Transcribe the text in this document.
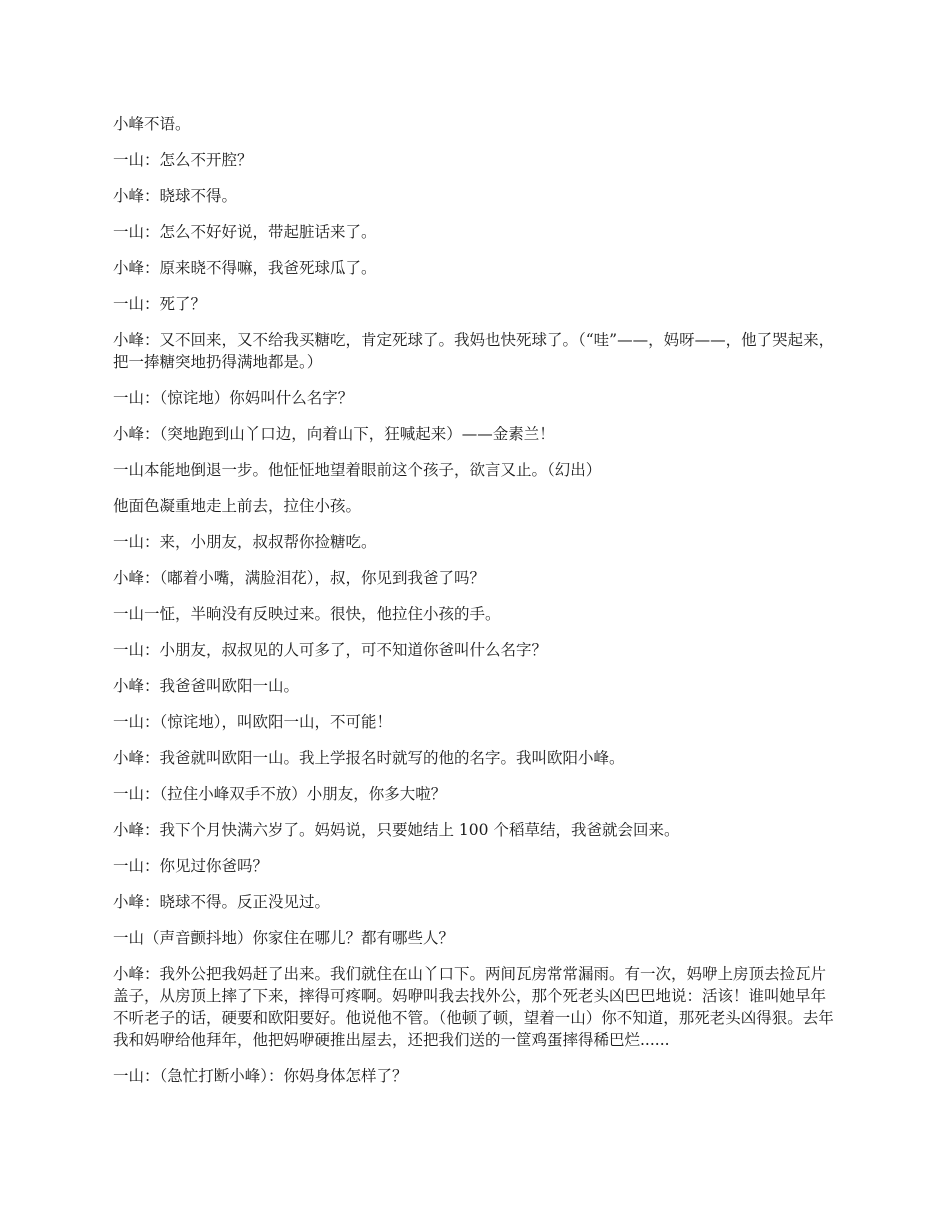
小峰不语。

一山：怎么不开腔？

小峰：晓球不得。

一山：怎么不好好说，带起脏话来了。

小峰：原来晓不得嘛，我爸死球瓜了。

一山：死了？

小峰：又不回来，又不给我买糖吃，肯定死球了。我妈也快死球了。（“哇”——，妈呀——，他了哭起来，把一捧糖突地扔得满地都是。）

一山：（惊诧地）你妈叫什么名字？

小峰：（突地跑到山丫口边，向着山下，狂喊起来）——金素兰！

一山本能地倒退一步。他怔怔地望着眼前这个孩子，欲言又止。（幻出）

他面色凝重地走上前去，拉住小孩。

一山：来，小朋友，叔叔帮你捡糖吃。

小峰：（嘟着小嘴，满脸泪花），叔，你见到我爸了吗？

一山一怔，半晌没有反映过来。很快，他拉住小孩的手。

一山：小朋友，叔叔见的人可多了，可不知道你爸叫什么名字？

小峰：我爸爸叫欧阳一山。

一山：（惊诧地），叫欧阳一山，不可能！

小峰：我爸就叫欧阳一山。我上学报名时就写的他的名字。我叫欧阳小峰。

一山：（拉住小峰双手不放）小朋友，你多大啦？

小峰：我下个月快满六岁了。妈妈说，只要她结上 100 个稻草结，我爸就会回来。

一山：你见过你爸吗？

小峰：晓球不得。反正没见过。

一山（声音颤抖地）你家住在哪儿？都有哪些人？

小峰：我外公把我妈赶了出来。我们就住在山丫口下。两间瓦房常常漏雨。有一次，妈咿上房顶去捡瓦片盖子，从房顶上摔了下来，摔得可疼啊。妈咿叫我去找外公，那个死老头凶巴巴地说：活该！谁叫她早年不听老子的话，硬要和欧阳要好。他说他不管。（他顿了顿，望着一山）你不知道，那死老头凶得狠。去年我和妈咿给他拜年，他把妈咿硬推出屋去，还把我们送的一筐鸡蛋摔得稀巴烂......

一山：（急忙打断小峰）：你妈身体怎样了？
